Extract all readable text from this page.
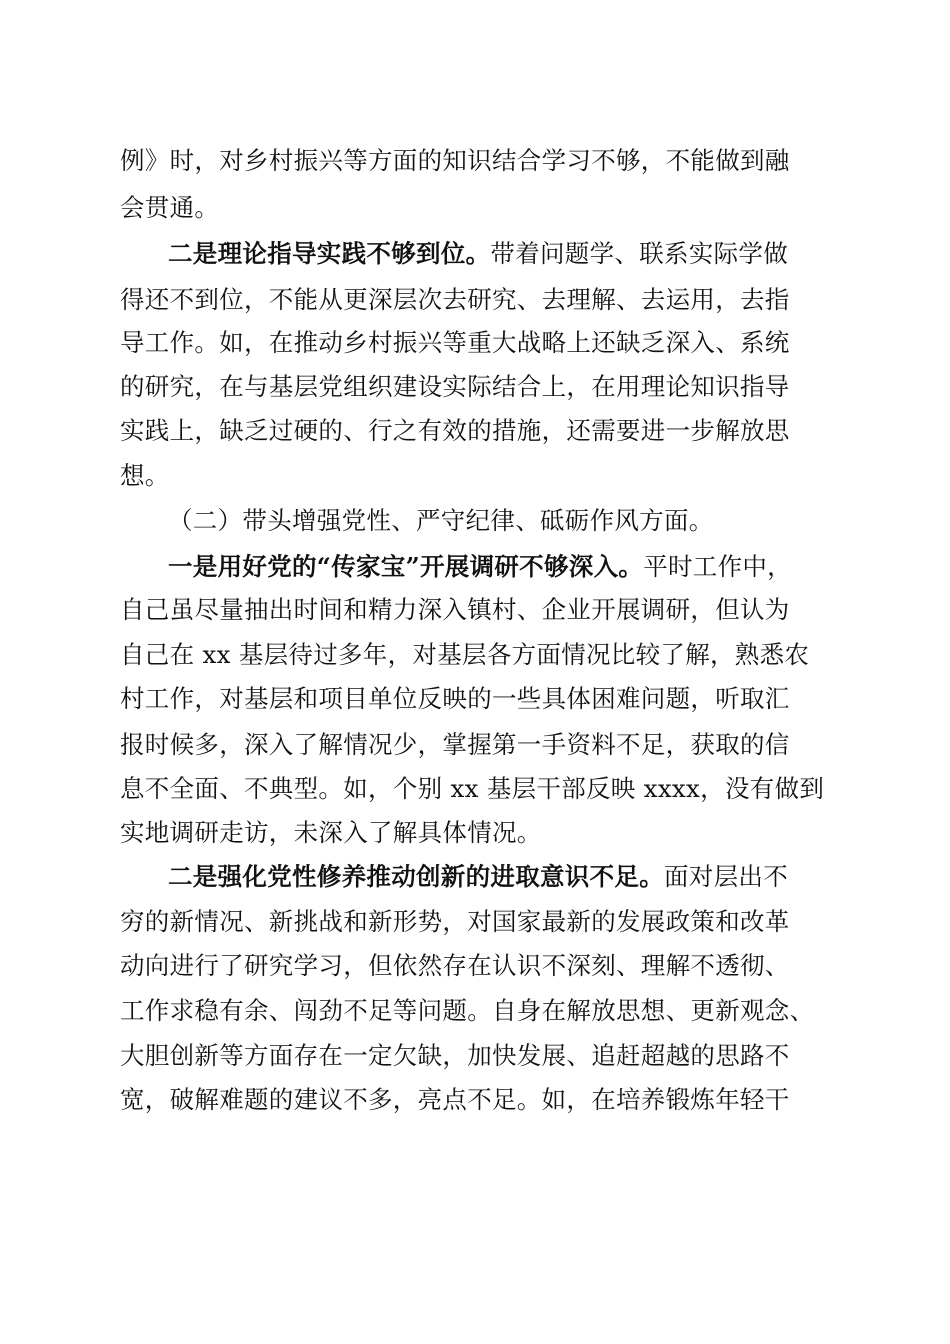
例》时，对乡村振兴等方面的知识结合学习不够，不能做到融
会贯通。
二是理论指导实践不够到位。带着问题学、联系实际学做
得还不到位，不能从更深层次去研究、去理解、去运用，去指
导工作。如，在推动乡村振兴等重大战略上还缺乏深入、系统
的研究，在与基层党组织建设实际结合上，在用理论知识指导
实践上，缺乏过硬的、行之有效的措施，还需要进一步解放思
想。
（二）带头增强党性、严守纪律、砥砺作风方面。
一是用好党的“传家宝”开展调研不够深入。平时工作中，
自己虽尽量抽出时间和精力深入镇村、企业开展调研，但认为
自己在 xx 基层待过多年，对基层各方面情况比较了解，熟悉农
村工作，对基层和项目单位反映的一些具体困难问题，听取汇
报时候多，深入了解情况少，掌握第一手资料不足，获取的信
息不全面、不典型。如，个别 xx 基层干部反映 xxxx，没有做到
实地调研走访，未深入了解具体情况。
二是强化党性修养推动创新的进取意识不足。面对层出不
穷的新情况、新挑战和新形势，对国家最新的发展政策和改革
动向进行了研究学习，但依然存在认识不深刻、理解不透彻、
工作求稳有余、闯劲不足等问题。自身在解放思想、更新观念、
大胆创新等方面存在一定欠缺，加快发展、追赶超越的思路不
宽，破解难题的建议不多，亮点不足。如，在培养锻炼年轻干
